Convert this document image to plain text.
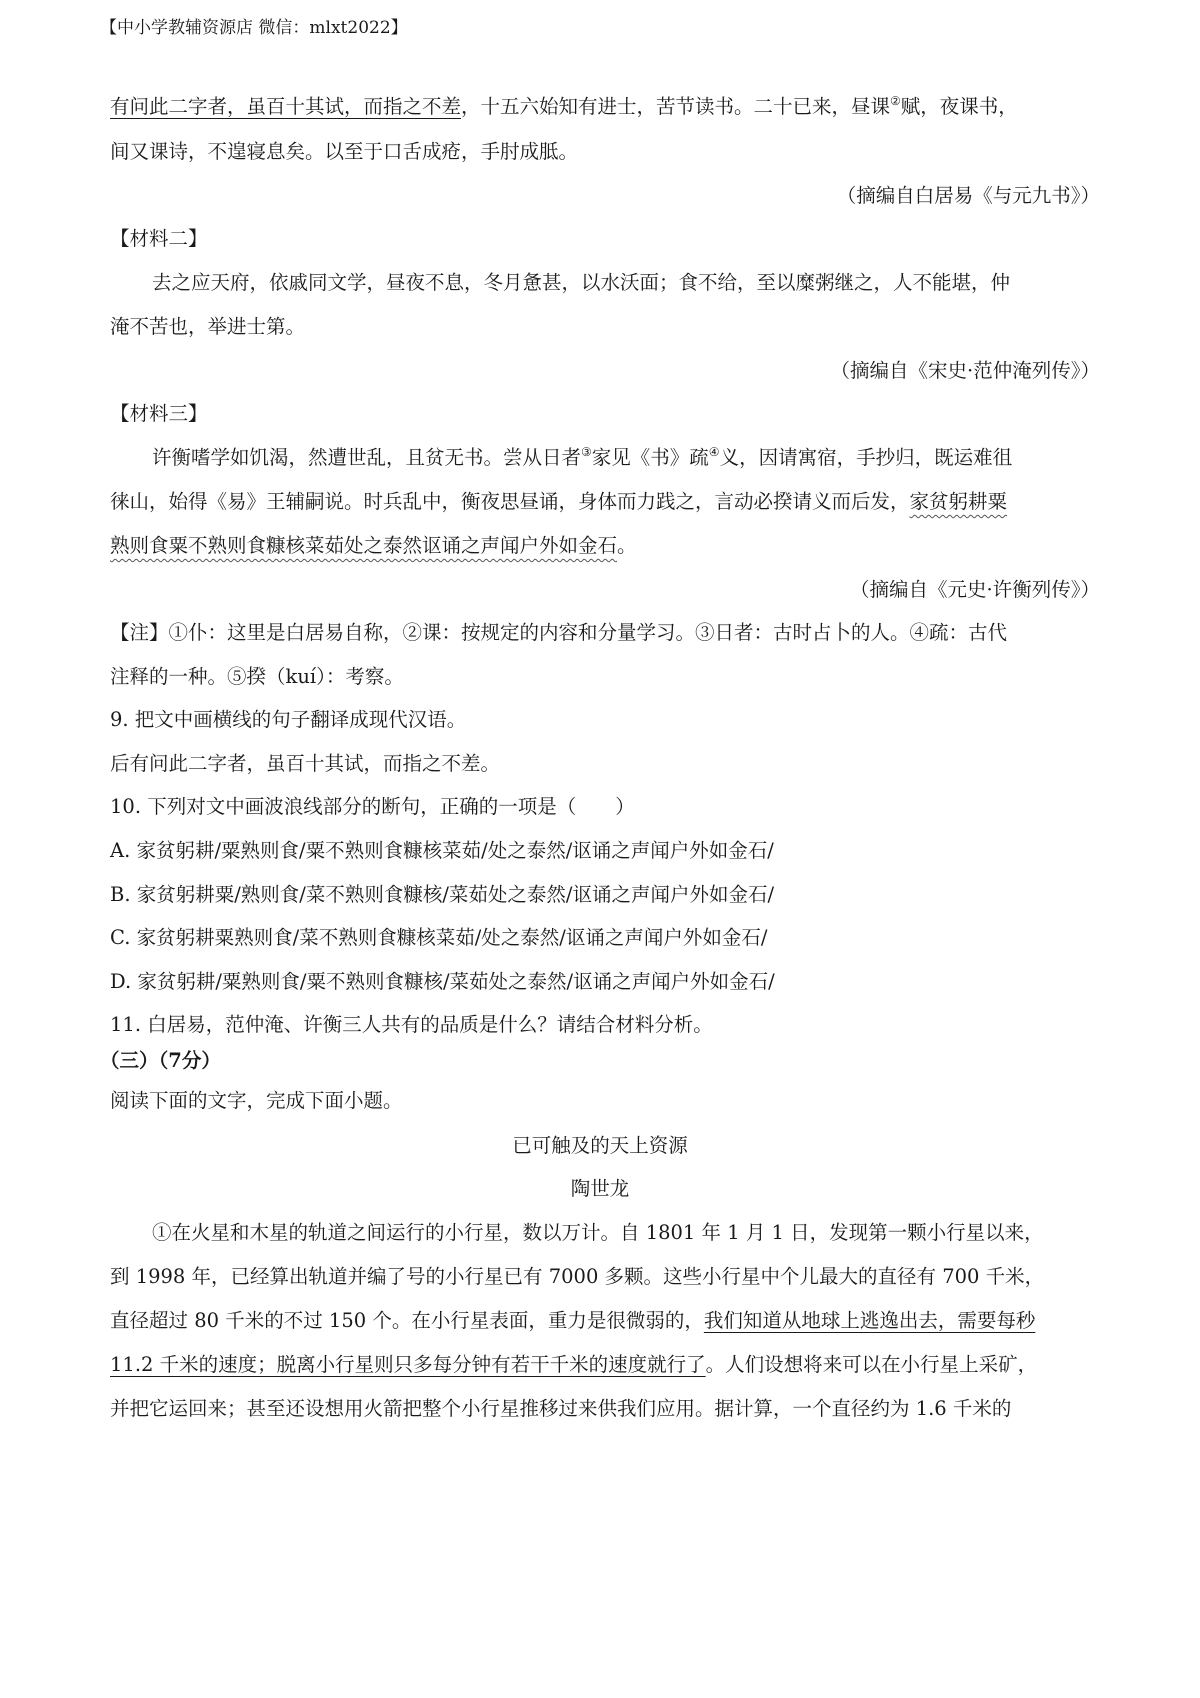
【中小学教辅资源店 微信：mlxt2022】
有问此二字者，虽百十其试，而指之不差，十五六始知有进士，苦节读书。二十已来，昼课②赋，夜课书，
间又课诗，不遑寝息矣。以至于口舌成疮，手肘成胝。
（摘编自白居易《与元九书》）
【材料二】
去之应天府，依戚同文学，昼夜不息，冬月惫甚，以水沃面；食不给，至以糜粥继之，人不能堪，仲
淹不苦也，举进士第。
（摘编自《宋史·范仲淹列传》）
【材料三】
许衡嗜学如饥渴，然遭世乱，且贫无书。尝从日者③家见《书》疏④义，因请寓宿，手抄归，既运难徂
徕山，始得《易》王辅嗣说。时兵乱中，衡夜思昼诵，身体而力践之，言动必揆请义而后发，家贫躬耕粟
熟则食粟不熟则食糠核菜茹处之泰然讴诵之声闻户外如金石。
（摘编自《元史·许衡列传》）
【注】①仆：这里是白居易自称，②课：按规定的内容和分量学习。③日者：古时占卜的人。④疏：古代
注释的一种。⑤揆（kuí）：考察。
9. 把文中画横线的句子翻译成现代汉语。
后有问此二字者，虽百十其试，而指之不差。
10. 下列对文中画波浪线部分的断句，正确的一项是（　　）
A. 家贫躬耕/粟熟则食/粟不熟则食糠核菜茹/处之泰然/讴诵之声闻户外如金石/
B. 家贫躬耕粟/熟则食/菜不熟则食糠核/菜茹处之泰然/讴诵之声闻户外如金石/
C. 家贫躬耕粟熟则食/菜不熟则食糠核菜茹/处之泰然/讴诵之声闻户外如金石/
D. 家贫躬耕/粟熟则食/粟不熟则食糠核/菜茹处之泰然/讴诵之声闻户外如金石/
11. 白居易，范仲淹、许衡三人共有的品质是什么？请结合材料分析。
（三）（7分）
阅读下面的文字，完成下面小题。
已可触及的天上资源
陶世龙
①在火星和木星的轨道之间运行的小行星，数以万计。自 1801 年 1 月 1 日，发现第一颗小行星以来，
到 1998 年，已经算出轨道并编了号的小行星已有 7000 多颗。这些小行星中个儿最大的直径有 700 千米，
直径超过 80 千米的不过 150 个。在小行星表面，重力是很微弱的，我们知道从地球上逃逸出去，需要每秒
11.2 千米的速度；脱离小行星则只多每分钟有若干千米的速度就行了。人们设想将来可以在小行星上采矿，
并把它运回来；甚至还设想用火箭把整个小行星推移过来供我们应用。据计算，一个直径约为 1.6 千米的
